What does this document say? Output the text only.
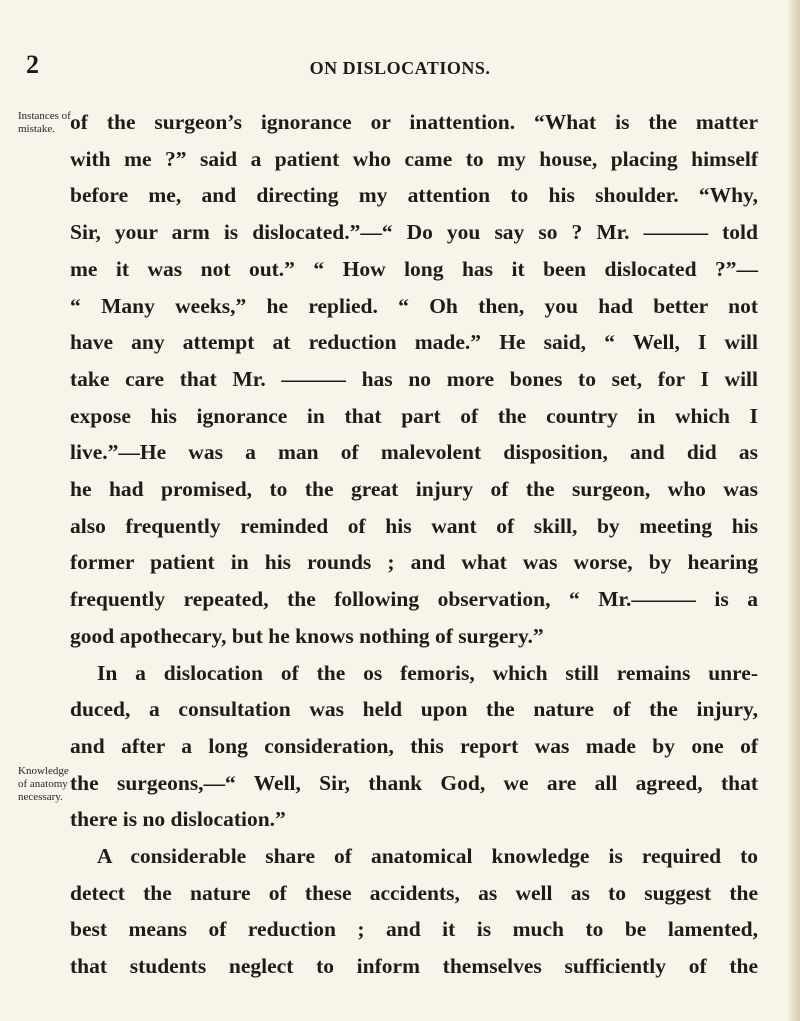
2	ON DISLOCATIONS.
Instances of
mistake.
Knowledge
of anatomy
necessary.
of the surgeon’s ignorance or inattention. “What is the matter
with me ?” said a patient who came to my house, placing himself
before me, and directing my attention to his shoulder. “Why,
Sir, your arm is dislocated.”—“ Do you say so ? Mr. ——— told
me it was not out.” “ How long has it been dislocated ?”—
“ Many weeks,” he replied. “ Oh then, you had better not
have any attempt at reduction made.” He said, “ Well, I will
take care that Mr. ——— has no more bones to set, for I will
expose his ignorance in that part of the country in which I
live.”—He was a man of malevolent disposition, and did as
he had promised, to the great injury of the surgeon, who was
also frequently reminded of his want of skill, by meeting his
former patient in his rounds ; and what was worse, by hearing
frequently repeated, the following observation, “ Mr.——— is a
good apothecary, but he knows nothing of surgery.”
In a dislocation of the os femoris, which still remains unre-
duced, a consultation was held upon the nature of the injury,
and after a long consideration, this report was made by one of
the surgeons,—“ Well, Sir, thank God, we are all agreed, that
there is no dislocation.”
A considerable share of anatomical knowledge is required to
detect the nature of these accidents, as well as to suggest the
best means of reduction ; and it is much to be lamented,
that students neglect to inform themselves sufficiently of the
